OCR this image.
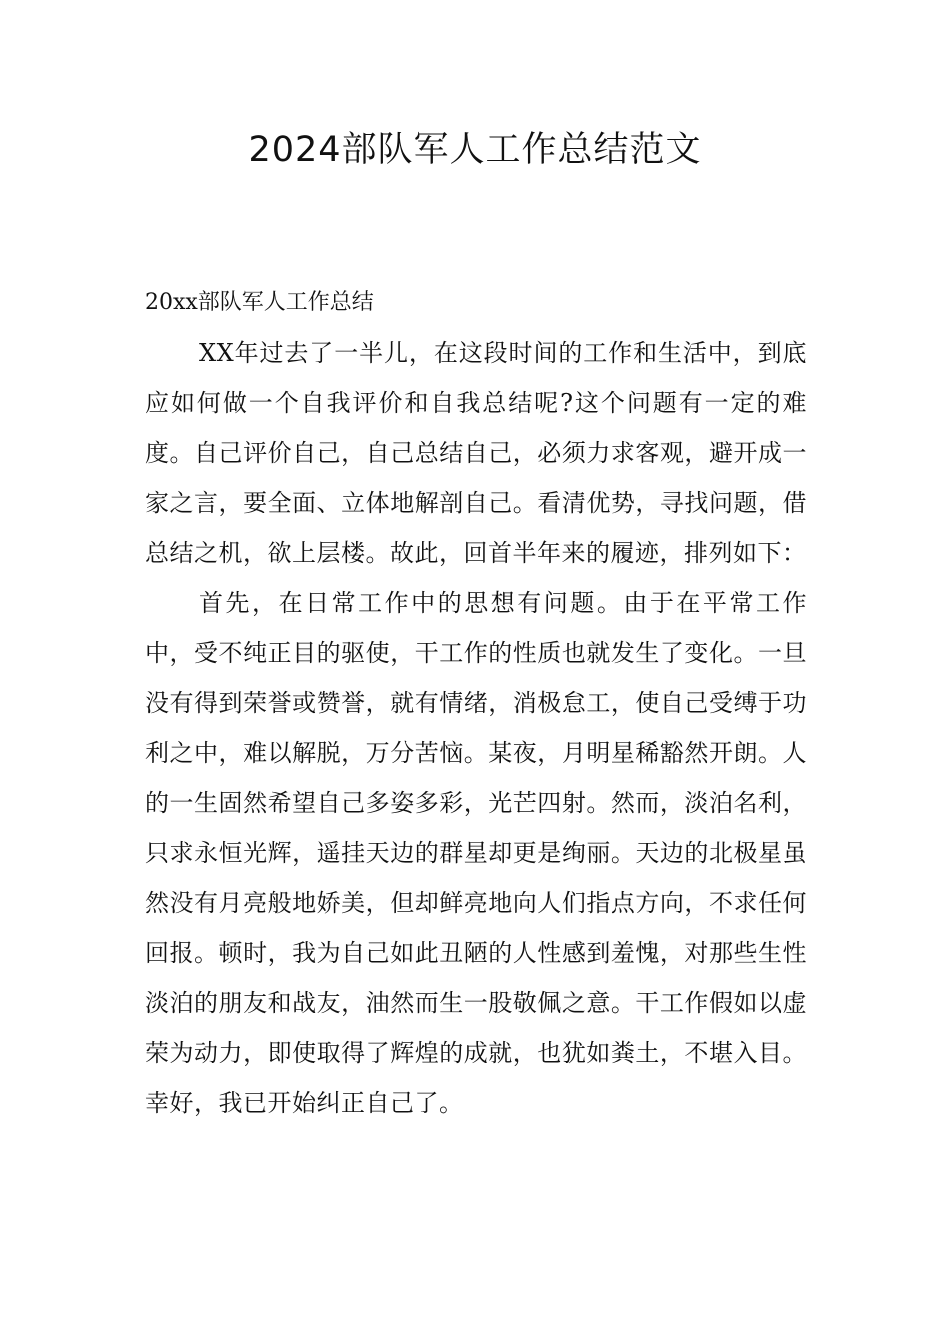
2024部队军人工作总结范文

20xx部队军人工作总结

XX年过去了一半儿，在这段时间的工作和生活中，到底应如何做一个自我评价和自我总结呢?这个问题有一定的难度。自己评价自己，自己总结自己，必须力求客观，避开成一家之言，要全面、立体地解剖自己。看清优势，寻找问题，借总结之机，欲上层楼。故此，回首半年来的履迹，排列如下：

首先，在日常工作中的思想有问题。由于在平常工作中，受不纯正目的驱使，干工作的性质也就发生了变化。一旦没有得到荣誉或赞誉，就有情绪，消极怠工，使自己受缚于功利之中，难以解脱，万分苦恼。某夜，月明星稀豁然开朗。人的一生固然希望自己多姿多彩，光芒四射。然而，淡泊名利，只求永恒光辉，遥挂天边的群星却更是绚丽。天边的北极星虽然没有月亮般地娇美，但却鲜亮地向人们指点方向，不求任何回报。顿时，我为自己如此丑陋的人性感到羞愧，对那些生性淡泊的朋友和战友，油然而生一股敬佩之意。干工作假如以虚荣为动力，即使取得了辉煌的成就，也犹如粪土，不堪入目。幸好，我已开始纠正自己了。
